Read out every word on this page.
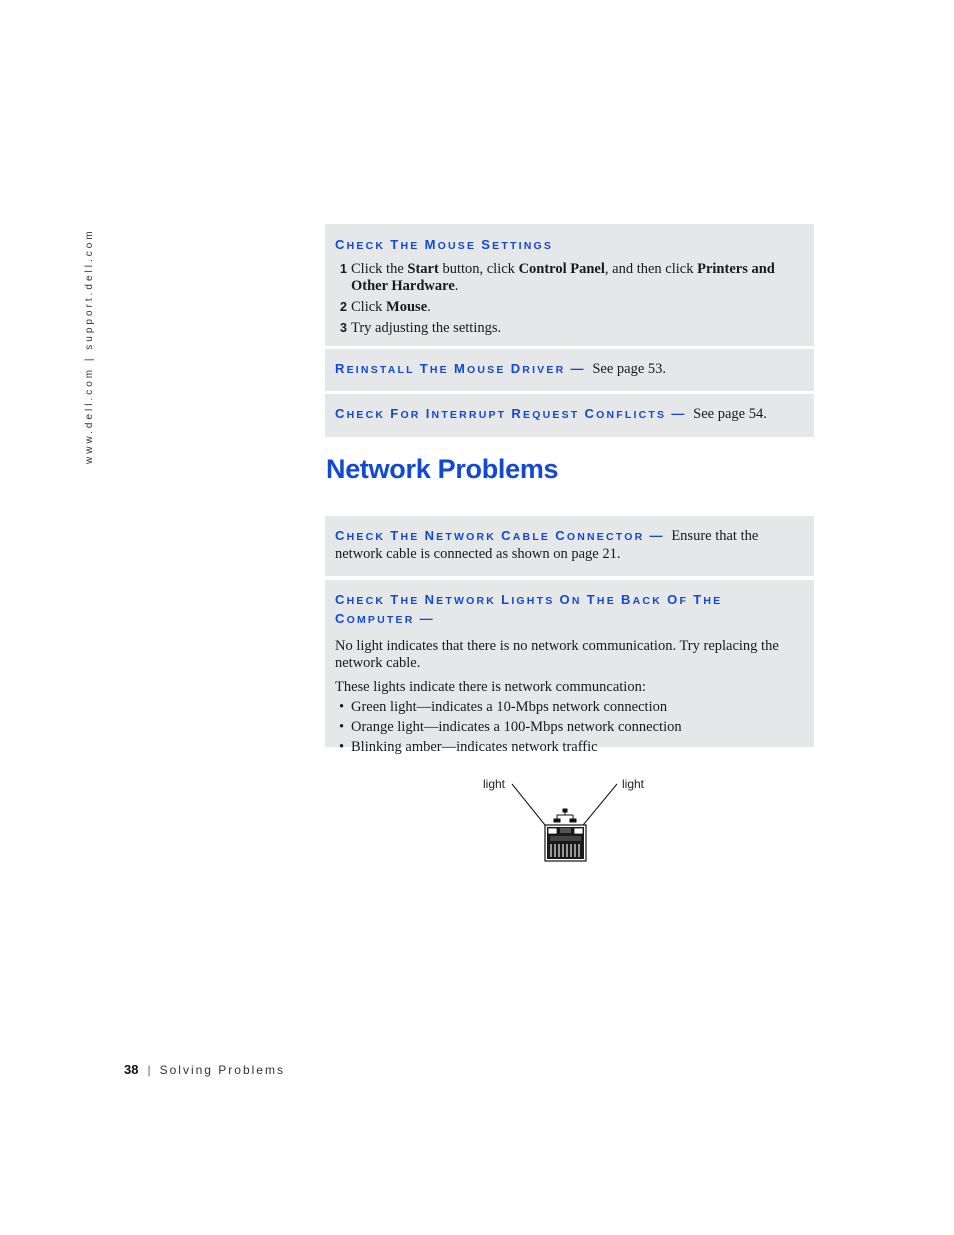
www.dell.com | support.dell.com	CHECK THE MOUSE SETTINGS
1 Click the Start button, click Control Panel, and then click Printers and Other Hardware.
2 Click Mouse.
3 Try adjusting the settings.
REINSTALL THE MOUSE DRIVER — See page 53.
CHECK FOR INTERRUPT REQUEST CONFLICTS — See page 54.
Network Problems
CHECK THE NETWORK CABLE CONNECTOR — Ensure that the network cable is connected as shown on page 21.
CHECK THE NETWORK LIGHTS ON THE BACK OF THE COMPUTER —

No light indicates that there is no network communication. Try replacing the network cable.

These lights indicate there is network communcation:

• Green light—indicates a 10-Mbps network connection
• Orange light—indicates a 100-Mbps network connection
• Blinking amber—indicates network traffic
light	light
38 | Solving Problems
